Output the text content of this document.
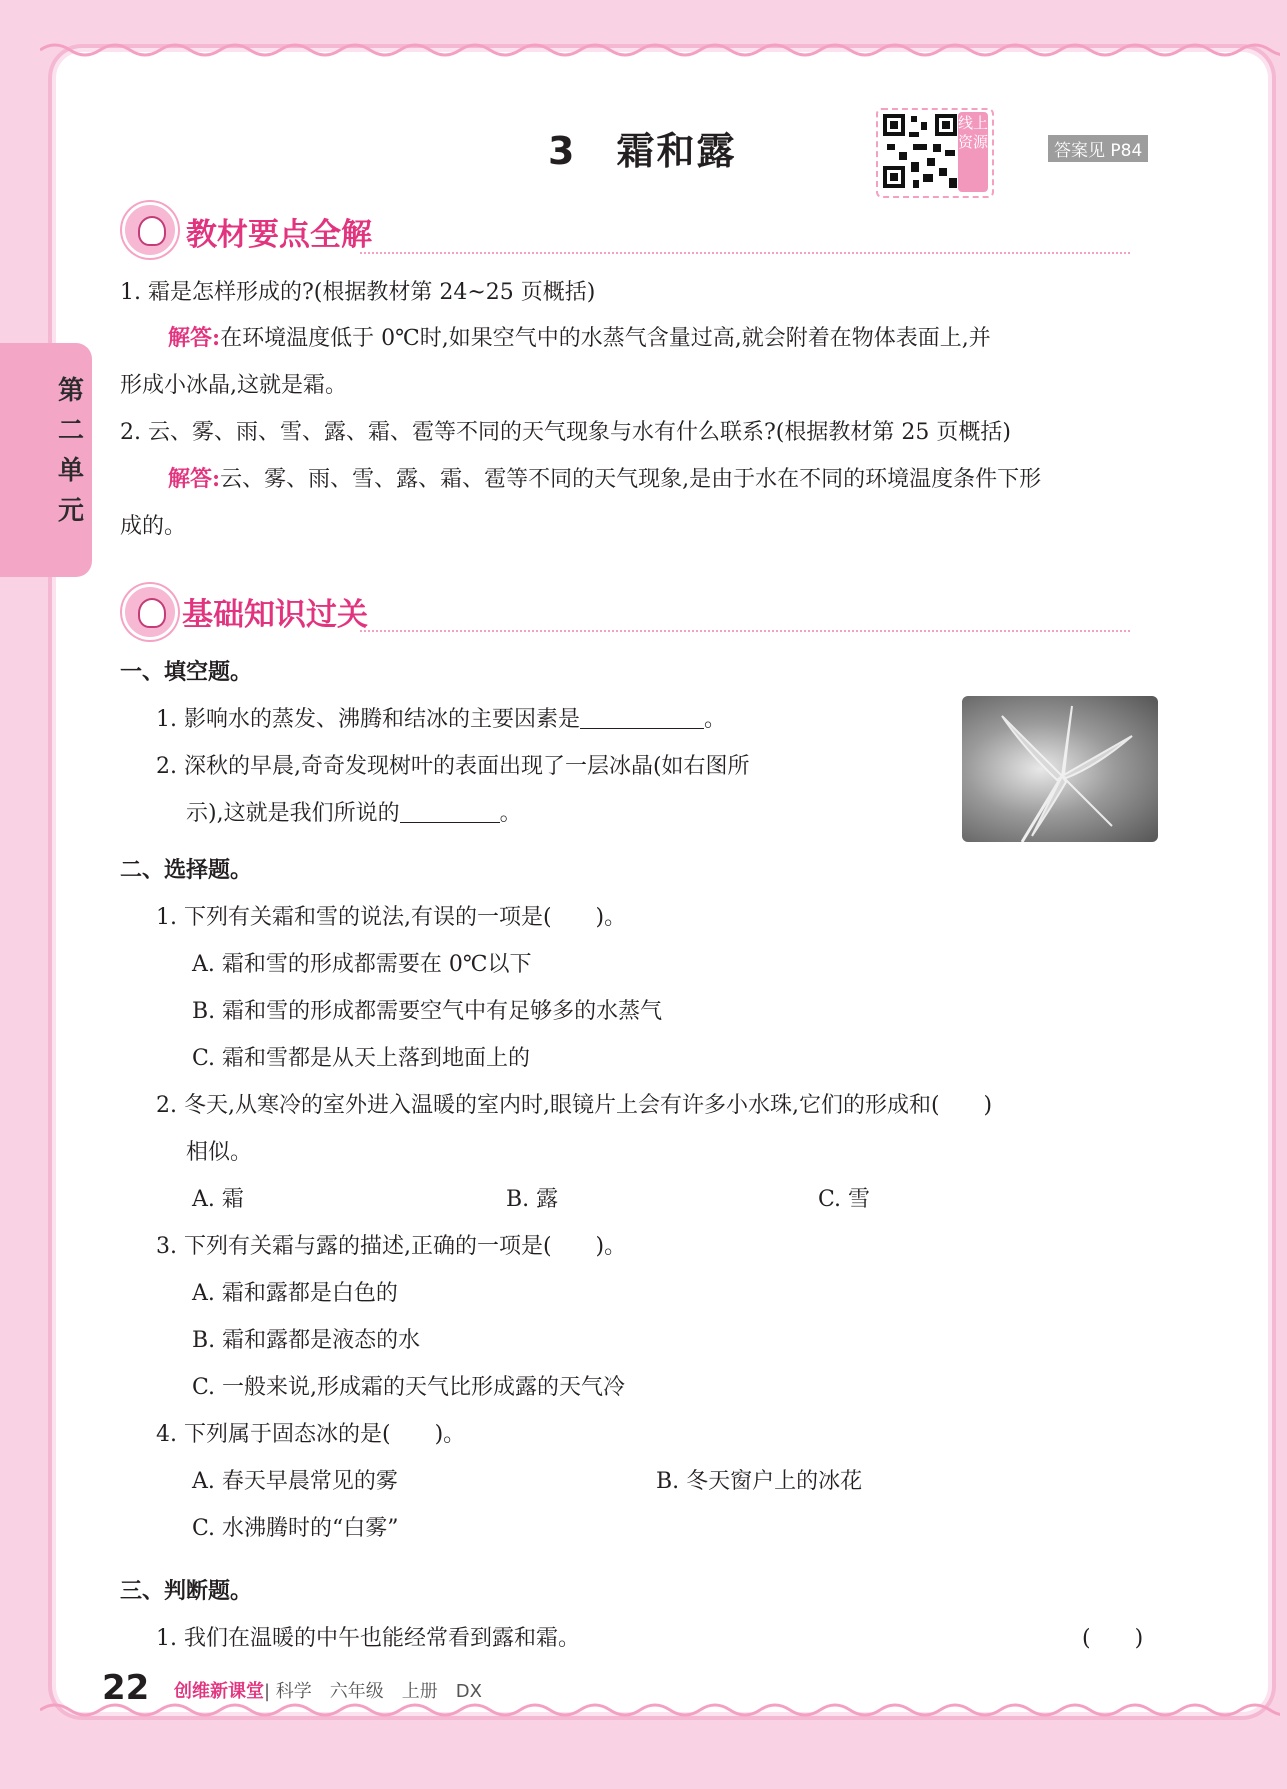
第二单元
3　霜和露
线上资源	答案见 P84
教材要点全解
1. 霜是怎样形成的?(根据教材第 24~25 页概括)
解答:在环境温度低于 0℃时,如果空气中的水蒸气含量过高,就会附着在物体表面上,并
形成小冰晶,这就是霜。
2. 云、雾、雨、雪、露、霜、雹等不同的天气现象与水有什么联系?(根据教材第 25 页概括)
解答:云、雾、雨、雪、露、霜、雹等不同的天气现象,是由于水在不同的环境温度条件下形
成的。
基础知识过关
一、填空题。
1. 影响水的蒸发、沸腾和结冰的主要因素是	。
2. 深秋的早晨,奇奇发现树叶的表面出现了一层冰晶(如右图所
示),这就是我们所说的	。
二、选择题。
1. 下列有关霜和雪的说法,有误的一项是(　　)。
A. 霜和雪的形成都需要在 0℃以下
B. 霜和雪的形成都需要空气中有足够多的水蒸气
C. 霜和雪都是从天上落到地面上的
2. 冬天,从寒冷的室外进入温暖的室内时,眼镜片上会有许多小水珠,它们的形成和(　　)
相似。
A. 霜	B. 露	C. 雪
3. 下列有关霜与露的描述,正确的一项是(　　)。
A. 霜和露都是白色的
B. 霜和露都是液态的水
C. 一般来说,形成霜的天气比形成露的天气冷
4. 下列属于固态冰的是(　　)。
A. 春天早晨常见的雾	B. 冬天窗户上的冰花
C. 水沸腾时的“白雾”
三、判断题。
1. 我们在温暖的中午也能经常看到露和霜。	(　　)
22 创维新课堂| 科学　六年级　上册　DX
